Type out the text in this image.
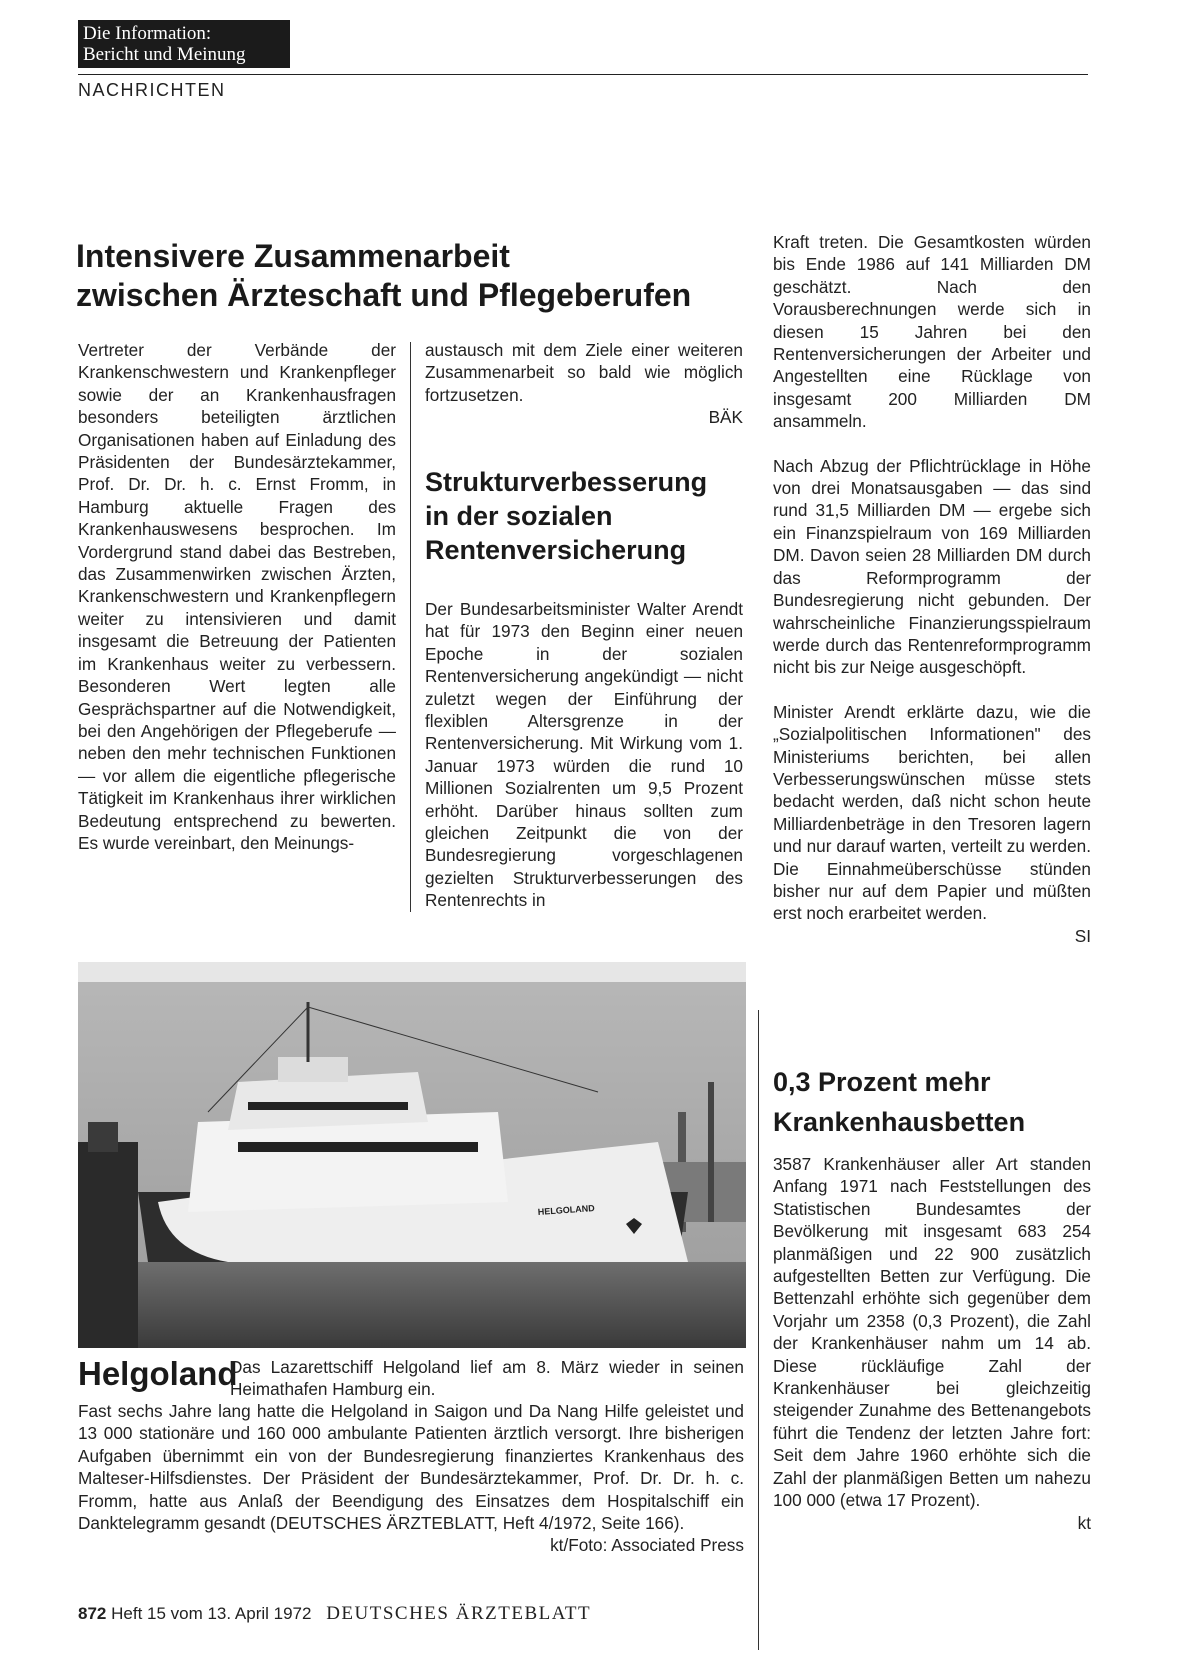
Die Information:
Bericht und Meinung
NACHRICHTEN
Intensivere Zusammenarbeit
zwischen Ärzteschaft und Pflegeberufen

Vertreter der Verbände der Krankenschwestern und Krankenpfleger sowie der an Krankenhausfragen besonders beteiligten ärztlichen Organisationen haben auf Einladung des Präsidenten der Bundesärztekammer, Prof. Dr. Dr. h. c. Ernst Fromm, in Hamburg aktuelle Fragen des Krankenhauswesens besprochen. Im Vordergrund stand dabei das Bestreben, das Zusammenwirken zwischen Ärzten, Krankenschwestern und Krankenpflegern weiter zu intensivieren und damit insgesamt die Betreuung der Patienten im Krankenhaus weiter zu verbessern. Besonderen Wert legten alle Gesprächspartner auf die Notwendigkeit, bei den Angehörigen der Pflegeberufe — neben den mehr technischen Funktionen — vor allem die eigentliche pflegerische Tätigkeit im Krankenhaus ihrer wirklichen Bedeutung entsprechend zu bewerten. Es wurde vereinbart, den Meinungs-

austausch mit dem Ziele einer weiteren Zusammenarbeit so bald wie möglich fortzusetzen.

BÄK
Strukturverbesserung
in der sozialen
Rentenversicherung

Der Bundesarbeitsminister Walter Arendt hat für 1973 den Beginn einer neuen Epoche in der sozialen Rentenversicherung angekündigt — nicht zuletzt wegen der Einführung der flexiblen Altersgrenze in der Rentenversicherung. Mit Wirkung vom 1. Januar 1973 würden die rund 10 Millionen Sozialrenten um 9,5 Prozent erhöht. Darüber hinaus sollten zum gleichen Zeitpunkt die von der Bundesregierung vorgeschlagenen gezielten Strukturverbesserungen des Rentenrechts in

Kraft treten. Die Gesamtkosten würden bis Ende 1986 auf 141 Milliarden DM geschätzt. Nach den Vorausberechnungen werde sich in diesen 15 Jahren bei den Rentenversicherungen der Arbeiter und Angestellten eine Rücklage von insgesamt 200 Milliarden DM ansammeln.

Nach Abzug der Pflichtrücklage in Höhe von drei Monatsausgaben — das sind rund 31,5 Milliarden DM — ergebe sich ein Finanzspielraum von 169 Milliarden DM. Davon seien 28 Milliarden DM durch das Reformprogramm der Bundesregierung nicht gebunden. Der wahrscheinliche Finanzierungsspielraum werde durch das Rentenreformprogramm nicht bis zur Neige ausgeschöpft.

Minister Arendt erklärte dazu, wie die „Sozialpolitischen Informationen" des Ministeriums berichten, bei allen Verbesserungswünschen müsse stets bedacht werden, daß nicht schon heute Milliardenbeträge in den Tresoren lagern und nur darauf warten, verteilt zu werden. Die Einnahmeüberschüsse stünden bisher nur auf dem Papier und müßten erst noch erarbeitet werden.

SI
0,3 Prozent mehr
Krankenhausbetten

3587 Krankenhäuser aller Art standen Anfang 1971 nach Feststellungen des Statistischen Bundesamtes der Bevölkerung mit insgesamt 683 254 planmäßigen und 22 900 zusätzlich aufgestellten Betten zur Verfügung. Die Bettenzahl erhöhte sich gegenüber dem Vorjahr um 2358 (0,3 Prozent), die Zahl der Krankenhäuser nahm um 14 ab. Diese rückläufige Zahl der Krankenhäuser bei gleichzeitig steigender Zunahme des Bettenangebots führt die Tendenz der letzten Jahre fort: Seit dem Jahre 1960 erhöhte sich die Zahl der planmäßigen Betten um nahezu 100 000 (etwa 17 Prozent).

kt
HELGOLAND
Helgoland
Das Lazarettschiff Helgoland lief am 8. März wieder in seinen Heimathafen Hamburg ein.

Fast sechs Jahre lang hatte die Helgoland in Saigon und Da Nang Hilfe geleistet und 13 000 stationäre und 160 000 ambulante Patienten ärztlich versorgt. Ihre bisherigen Aufgaben übernimmt ein von der Bundesregierung finanziertes Krankenhaus des Malteser-Hilfsdienstes. Der Präsident der Bundesärztekammer, Prof. Dr. Dr. h. c. Fromm, hatte aus Anlaß der Beendigung des Einsatzes dem Hospitalschiff ein Danktelegramm gesandt (DEUTSCHES ÄRZTEBLATT, Heft 4/1972, Seite 166).

kt/Foto: Associated Press
872 Heft 15 vom 13. April 1972 DEUTSCHES ÄRZTEBLATT
